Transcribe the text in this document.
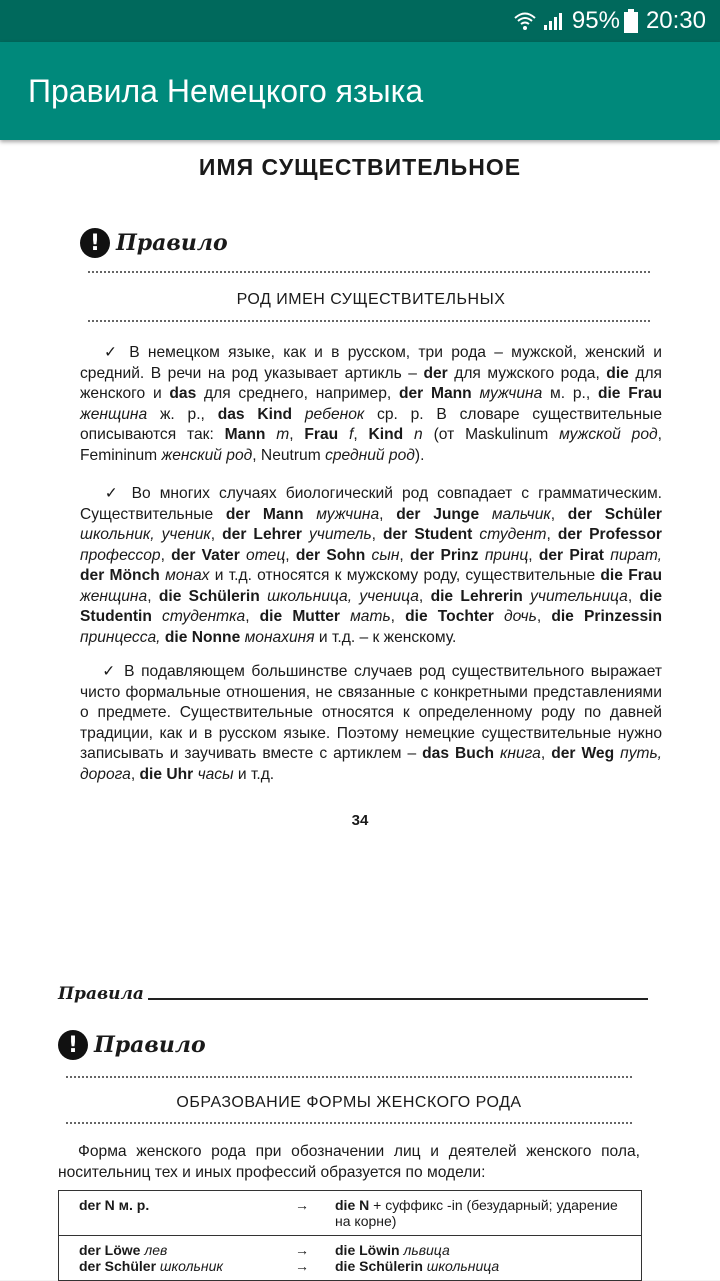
95% 20:30
Правила Немецкого языка
ИМЯ СУЩЕСТВИТЕЛЬНОЕ
! Правило
РОД ИМЕН СУЩЕСТВИТЕЛЬНЫХ
✓ В немецком языке, как и в русском, три рода – мужской, женский и средний. В речи на род указывает артикль – der для мужского рода, die для женского и das для среднего, например, der Mann мужчина м. р., die Frau женщина ж. р., das Kind ребенок ср. р. В словаре существительные описываются так: Mann m, Frau f, Kind n (от Maskulinum мужской род, Femininum женский род, Neutrum средний род).
✓ Во многих случаях биологический род совпадает с грамматическим. Существительные der Mann мужчина, der Junge мальчик, der Schüler школьник, ученик, der Lehrer учитель, der Student студент, der Professor профессор, der Vater отец, der Sohn сын, der Prinz принц, der Pirat пират, der Mönch монах и т.д. относятся к мужскому роду, существительные die Frau женщина, die Schülerin школьница, ученица, die Lehrerin учительница, die Studentin студентка, die Mutter мать, die Tochter дочь, die Prinzessin принцесса, die Nonne монахиня и т.д. – к женскому.
✓ В подавляющем большинстве случаев род существительного выражает чисто формальные отношения, не связанные с конкретными представлениями о предмете. Существительные относятся к определенному роду по давней традиции, как и в русском языке. Поэтому немецкие существительные нужно записывать и заучивать вместе с артиклем – das Buch книга, der Weg путь, дорога, die Uhr часы и т.д.
34
Правила
! Правило
ОБРАЗОВАНИЕ ФОРМЫ ЖЕНСКОГО РОДА
Форма женского рода при обозначении лиц и деятелей женского пола, носительниц тех и иных профессий образуется по модели:
der N м. р.	→	die N + суффикс -in (безударный; ударение на корне)
der Löwe лев	→	die Löwin львица
der Schüler школьник	→	die Schülerin школьница
